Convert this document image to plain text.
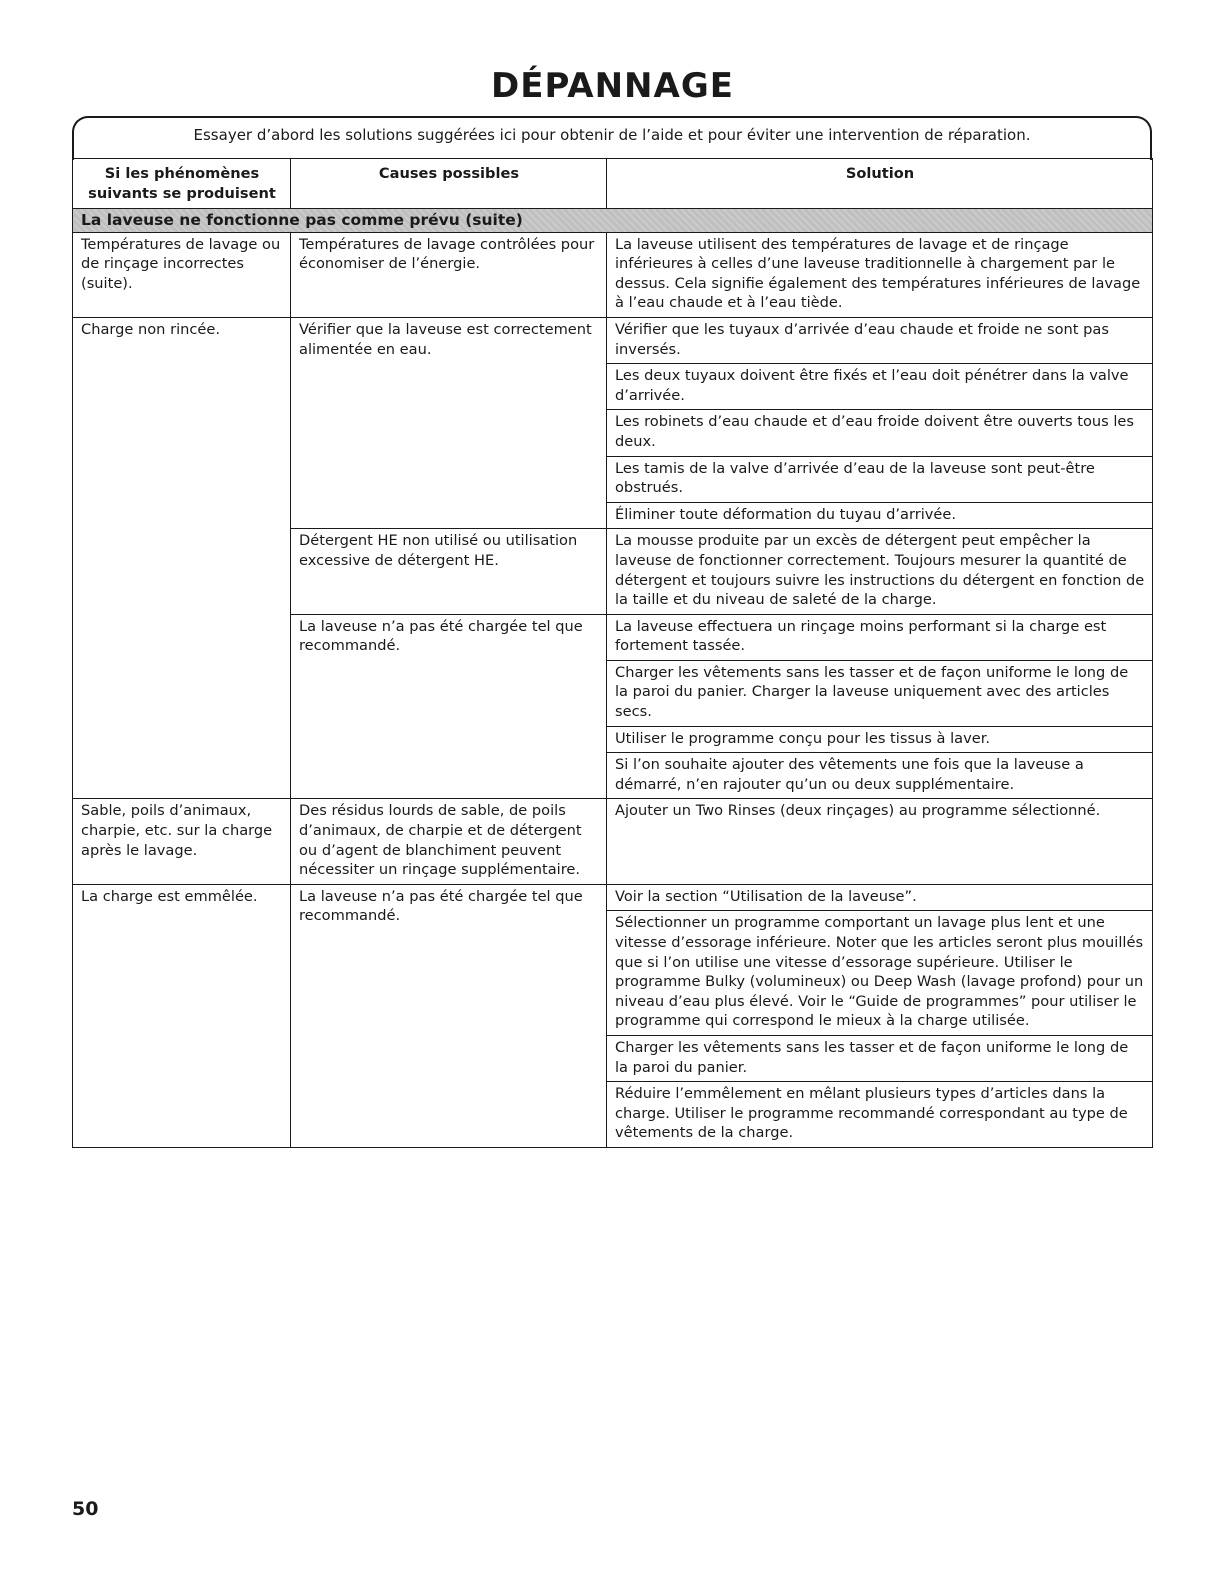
DÉPANNAGE
Essayer d’abord les solutions suggérées ici pour obtenir de l’aide et pour éviter une intervention de réparation.
Si les phénomènes suivants se produisent	Causes possibles	Solution
La laveuse ne fonctionne pas comme prévu (suite)		
Températures de lavage ou de rinçage incorrectes (suite).	Températures de lavage contrôlées pour économiser de l’énergie.	La laveuse utilisent des températures de lavage et de rinçage inférieures à celles d’une laveuse traditionnelle à chargement par le dessus. Cela signifie également des températures inférieures de lavage à l’eau chaude et à l’eau tiède.
Charge non rincée.	Vérifier que la laveuse est correctement alimentée en eau.	Vérifier que les tuyaux d’arrivée d’eau chaude et froide ne sont pas inversés.
		Les deux tuyaux doivent être fixés et l’eau doit pénétrer dans la valve d’arrivée.
		Les robinets d’eau chaude et d’eau froide doivent être ouverts tous les deux.
		Les tamis de la valve d’arrivée d’eau de la laveuse sont peut-être obstrués.
		Éliminer toute déformation du tuyau d’arrivée.
	Détergent HE non utilisé ou utilisation excessive de détergent HE.	La mousse produite par un excès de détergent peut empêcher la laveuse de fonctionner correctement. Toujours mesurer la quantité de détergent et toujours suivre les instructions du détergent en fonction de la taille et du niveau de saleté de la charge.
	La laveuse n’a pas été chargée tel que recommandé.	La laveuse effectuera un rinçage moins performant si la charge est fortement tassée.
		Charger les vêtements sans les tasser et de façon uniforme le long de la paroi du panier. Charger la laveuse uniquement avec des articles secs.
		Utiliser le programme conçu pour les tissus à laver.
		Si l’on souhaite ajouter des vêtements une fois que la laveuse a démarré, n’en rajouter qu’un ou deux supplémentaire.
Sable, poils d’animaux, charpie, etc. sur la charge après le lavage.	Des résidus lourds de sable, de poils d’animaux, de charpie et de détergent ou d’agent de blanchiment peuvent nécessiter un rinçage supplémentaire.	Ajouter un Two Rinses (deux rinçages) au programme sélectionné.
La charge est emmêlée.	La laveuse n’a pas été chargée tel que recommandé.	Voir la section “Utilisation de la laveuse”.
		Sélectionner un programme comportant un lavage plus lent et une vitesse d’essorage inférieure. Noter que les articles seront plus mouillés que si l’on utilise une vitesse d’essorage supérieure. Utiliser le programme Bulky (volumineux) ou Deep Wash (lavage profond) pour un niveau d’eau plus élevé. Voir le “Guide de programmes” pour utiliser le programme qui correspond le mieux à la charge utilisée.
		Charger les vêtements sans les tasser et de façon uniforme le long de la paroi du panier.
		Réduire l’emmêlement en mêlant plusieurs types d’articles dans la charge. Utiliser le programme recommandé correspondant au type de vêtements de la charge.
50
